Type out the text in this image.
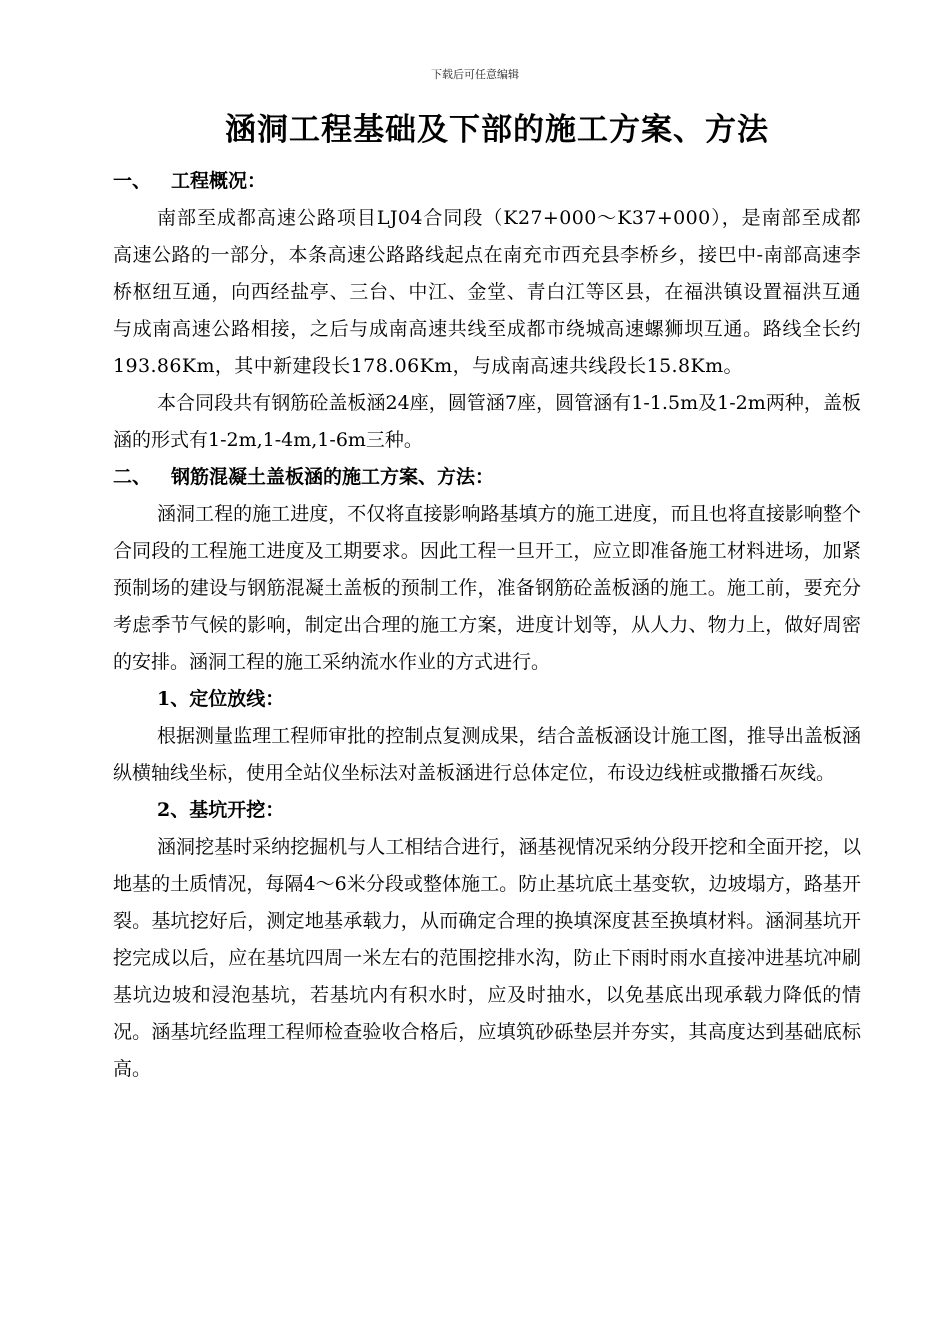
下载后可任意编辑
涵洞工程基础及下部的施工方案、方法
一、 工程概况：
南部至成都高速公路项目LJ04合同段（K27+000～K37+000），是南部至成都高速公路的一部分，本条高速公路路线起点在南充市西充县李桥乡，接巴中-南部高速李桥枢纽互通，向西经盐亭、三台、中江、金堂、青白江等区县，在福洪镇设置福洪互通与成南高速公路相接，之后与成南高速共线至成都市绕城高速螺狮坝互通。路线全长约193.86Km，其中新建段长178.06Km，与成南高速共线段长15.8Km。
本合同段共有钢筋砼盖板涵24座，圆管涵7座，圆管涵有1-1.5m及1-2m两种，盖板涵的形式有1-2m,1-4m,1-6m三种。
二、 钢筋混凝土盖板涵的施工方案、方法：
涵洞工程的施工进度，不仅将直接影响路基填方的施工进度，而且也将直接影响整个合同段的工程施工进度及工期要求。因此工程一旦开工，应立即准备施工材料进场，加紧预制场的建设与钢筋混凝土盖板的预制工作，准备钢筋砼盖板涵的施工。施工前，要充分考虑季节气候的影响，制定出合理的施工方案，进度计划等，从人力、物力上，做好周密的安排。涵洞工程的施工采纳流水作业的方式进行。
1、定位放线：
根据测量监理工程师审批的控制点复测成果，结合盖板涵设计施工图，推导出盖板涵纵横轴线坐标，使用全站仪坐标法对盖板涵进行总体定位，布设边线桩或撒播石灰线。
2、基坑开挖：
涵洞挖基时采纳挖掘机与人工相结合进行，涵基视情况采纳分段开挖和全面开挖，以地基的土质情况，每隔4～6米分段或整体施工。防止基坑底土基变软，边坡塌方，路基开裂。基坑挖好后，测定地基承载力，从而确定合理的换填深度甚至换填材料。涵洞基坑开挖完成以后，应在基坑四周一米左右的范围挖排水沟，防止下雨时雨水直接冲进基坑冲刷基坑边坡和浸泡基坑，若基坑内有积水时，应及时抽水，以免基底出现承载力降低的情况。涵基坑经监理工程师检查验收合格后，应填筑砂砾垫层并夯实，其高度达到基础底标高。
